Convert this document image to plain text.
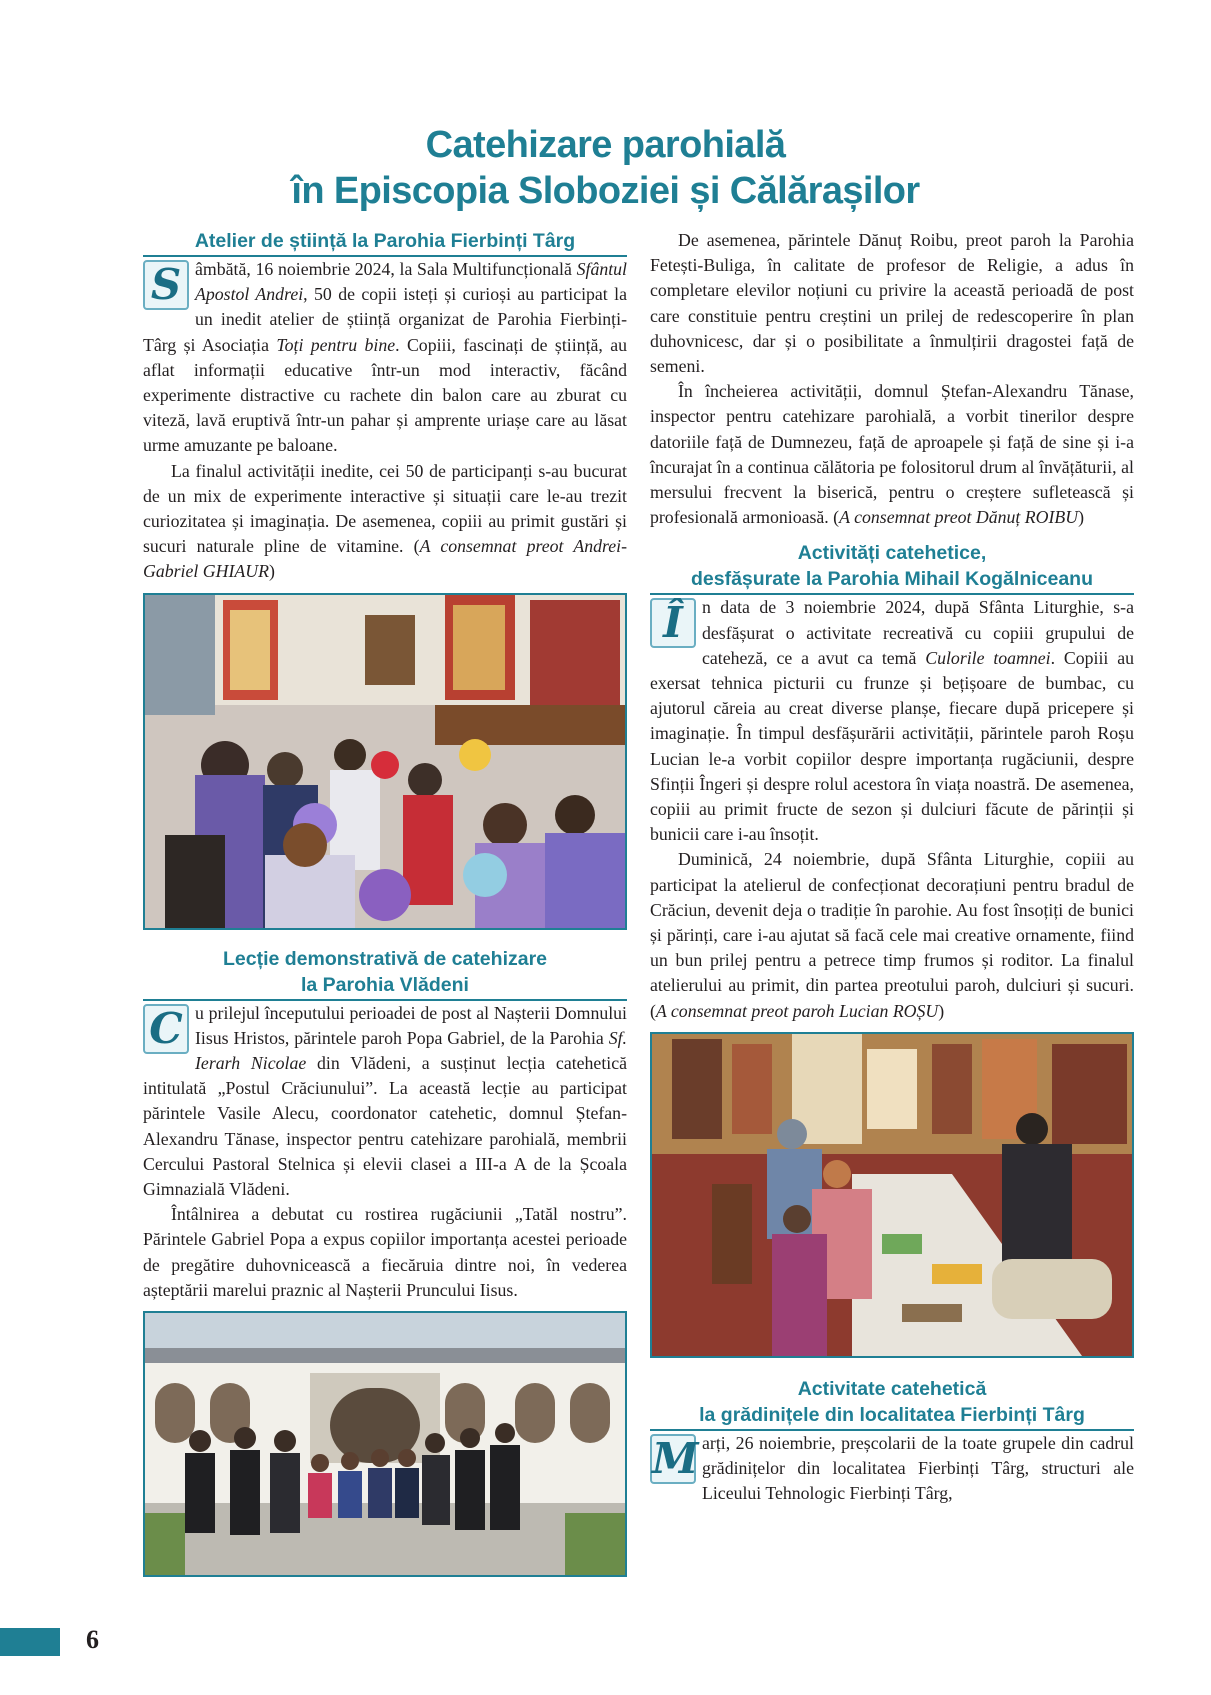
Catehizare parohială
în Episcopia Sloboziei și Călărașilor
Atelier de știință la Parohia Fierbinți Târg

S âmbătă, 16 noiembrie 2024, la Sala Multifuncțională Sfântul Apostol Andrei, 50 de copii isteți și curioși au participat la un inedit atelier de știință organizat de Parohia Fierbinți-Târg și Asociația Toți pentru bine. Copiii, fascinați de știință, au aflat informații educative într-un mod interactiv, făcând experimente distractive cu rachete din balon care au zburat cu viteză, lavă eruptivă într-un pahar și amprente uriașe care au lăsat urme amuzante pe baloane.

La finalul activității inedite, cei 50 de participanți s-au bucurat de un mix de experimente interactive și situații care le-au trezit curiozitatea și imaginația. De asemenea, copiii au primit gustări și sucuri naturale pline de vitamine. (A consemnat preot Andrei-Gabriel GHIAUR)

Lecție demonstrativă de catehizare
la Parohia Vlădeni

C u prilejul începutului perioadei de post al Nașterii Domnului Iisus Hristos, părintele paroh Popa Gabriel, de la Parohia Sf. Ierarh Nicolae din Vlădeni, a susținut lecția catehetică intitulată „Postul Crăciunului”. La această lecție au participat părintele Vasile Alecu, coordonator catehetic, domnul Ștefan-Alexandru Tănase, inspector pentru catehizare parohială, membrii Cercului Pastoral Stelnica și elevii clasei a III-a A de la Școala Gimnazială Vlădeni.

Întâlnirea a debutat cu rostirea rugăciunii „Tatăl nostru”. Părintele Gabriel Popa a expus copiilor importanța acestei perioade de pregătire duhovnicească a fiecăruia dintre noi, în vederea așteptării marelui praznic al Nașterii Pruncului Iisus.

De asemenea, părintele Dănuț Roibu, preot paroh la Parohia Fetești-Buliga, în calitate de profesor de Religie, a adus în completare elevilor noțiuni cu privire la această perioadă de post care constituie pentru creștini un prilej de redescoperire în plan duhovnicesc, dar și o posibilitate a înmulțirii dragostei față de semeni.

În încheierea activității, domnul Ștefan-Alexandru Tănase, inspector pentru catehizare parohială, a vorbit tinerilor despre datoriile față de Dumnezeu, față de aproapele și față de sine și i-a încurajat în a continua călătoria pe folositorul drum al învățăturii, al mersului frecvent la biserică, pentru o creștere sufletească și profesională armonioasă. (A consemnat preot Dănuț ROIBU)

Activități catehetice,
desfășurate la Parohia Mihail Kogălniceanu

Î	n data de 3 noiembrie 2024, după Sfânta Liturghie, s-a desfășurat o activitate recreativă cu copiii grupului de cateheză, ce a avut ca temă Culorile toamnei. Copiii au exersat tehnica picturii cu frunze și bețișoare de bumbac, cu ajutorul căreia au creat diverse planșe, fiecare după pricepere și imaginație. În timpul desfășurării activității, părintele paroh Roșu Lucian le-a vorbit copiilor despre importanța rugăciunii, despre Sfinții Îngeri și despre rolul acestora în viața noastră. De asemenea, copiii au primit fructe de sezon și dulciuri făcute de părinții și bunicii care i-au însoțit.

Duminică, 24 noiembrie, după Sfânta Liturghie, copiii au participat la atelierul de confecționat decorațiuni pentru bradul de Crăciun, devenit deja o tradiție în parohie. Au fost însoțiți de bunici și părinți, care i-au ajutat să facă cele mai creative ornamente, fiind un bun prilej pentru a petrece timp frumos și roditor. La finalul atelierului au primit, din partea preotului paroh, dulciuri și sucuri. (A consemnat preot paroh Lucian ROȘU)

Activitate catehetică
la grădinițele din localitatea Fierbinți Târg

M arți, 26 noiembrie, preșcolarii de la toate grupele din cadrul grădinițelor din localitatea Fierbinți Târg, structuri ale Liceului Tehnologic Fierbinți Târg,

6
